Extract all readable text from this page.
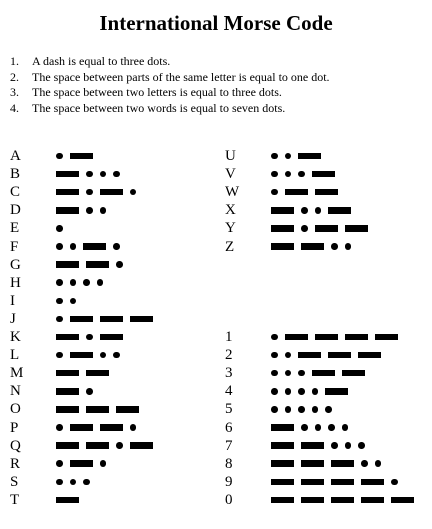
International Morse Code
1. A dash is equal to three dots.
2. The space between parts of the same letter is equal to one dot.
3. The space between two letters is equal to three dots.
4. The space between two words is equal to seven dots.
A
B
C
D
E
F
G
H
I
J
K
L
M
N
O
P
Q
R
S
T
U
V
W
X
Y
Z
1
2
3
4
5
6
7
8
9
0
